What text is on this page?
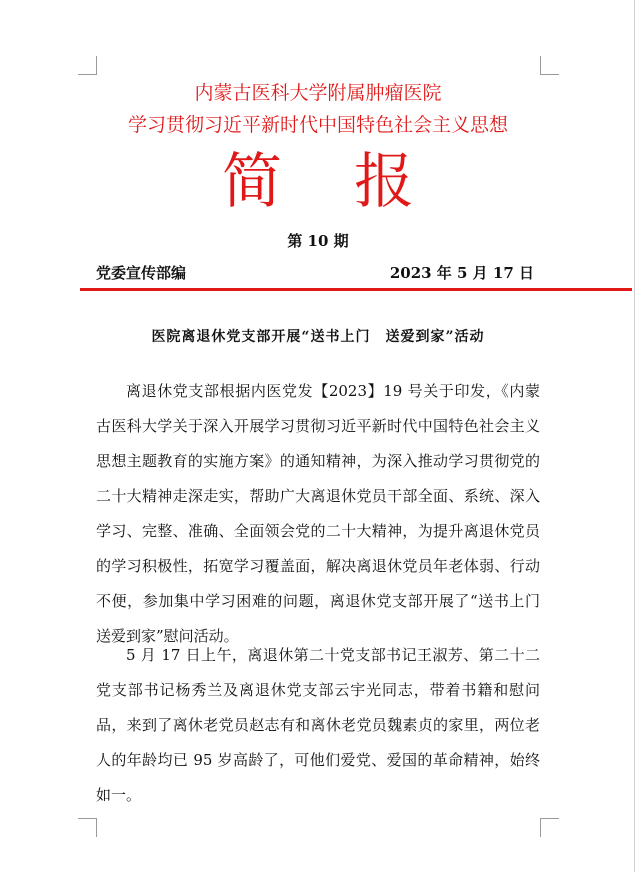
内蒙古医科大学附属肿瘤医院
学习贯彻习近平新时代中国特色社会主义思想
简报
第 10 期
党委宣传部编	2023 年 5 月 17 日
医院离退休党支部开展“送书上门　送爱到家”活动

离退休党支部根据内医党发【2023】19 号关于印发，《内蒙古医科大学关于深入开展学习贯彻习近平新时代中国特色社会主义思想主题教育的实施方案》的通知精神，为深入推动学习贯彻党的二十大精神走深走实，帮助广大离退休党员干部全面、系统、深入学习、完整、准确、全面领会党的二十大精神，为提升离退休党员的学习积极性，拓宽学习覆盖面，解决离退休党员年老体弱、行动不便，参加集中学习困难的问题，离退休党支部开展了“送书上门 送爱到家”慰问活动。

5 月 17 日上午，离退休第二十党支部书记王淑芳、第二十二党支部书记杨秀兰及离退休党支部云宇光同志，带着书籍和慰问品，来到了离休老党员赵志有和离休老党员魏素贞的家里，两位老人的年龄均已 95 岁高龄了，可他们爱党、爱国的革命精神，始终如一。
